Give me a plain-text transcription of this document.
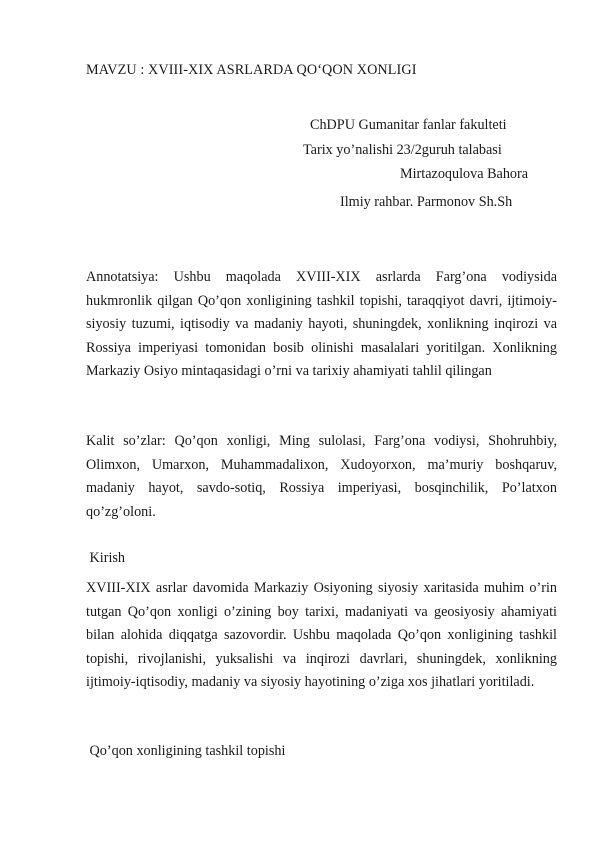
MAVZU : XVIII-XIX ASRLARDA QO‘QON XONLIGI
ChDPU Gumanitar fanlar fakulteti
Tarix yo’nalishi 23/2guruh talabasi
Mirtazoqulova Bahora
Ilmiy rahbar. Parmonov Sh.Sh

Annotatsiya: Ushbu maqolada XVIII-XIX asrlarda Farg’ona vodiysida hukmronlik qilgan Qo’qon xonligining tashkil topishi, taraqqiyot davri, ijtimoiy-siyosiy tuzumi, iqtisodiy va madaniy hayoti, shuningdek, xonlikning inqirozi va Rossiya imperiyasi tomonidan bosib olinishi masalalari yoritilgan. Xonlikning Markaziy Osiyo mintaqasidagi o’rni va tarixiy ahamiyati tahlil qilingan

Kalit so’zlar: Qo’qon xonligi, Ming sulolasi, Farg’ona vodiysi, Shohruhbiy, Olimxon, Umarxon, Muhammadalixon, Xudoyorxon, ma’muriy boshqaruv, madaniy hayot, savdo-sotiq, Rossiya imperiyasi, bosqinchilik, Po’latxon qo’zg’oloni.

Kirish

XVIII-XIX asrlar davomida Markaziy Osiyoning siyosiy xaritasida muhim o’rin tutgan Qo’qon xonligi o’zining boy tarixi, madaniyati va geosiyosiy ahamiyati bilan alohida diqqatga sazovordir. Ushbu maqolada Qo’qon xonligining tashkil topishi, rivojlanishi, yuksalishi va inqirozi davrlari, shuningdek, xonlikning ijtimoiy-iqtisodiy, madaniy va siyosiy hayotining o’ziga xos jihatlari yoritiladi.

Qo’qon xonligining tashkil topishi
